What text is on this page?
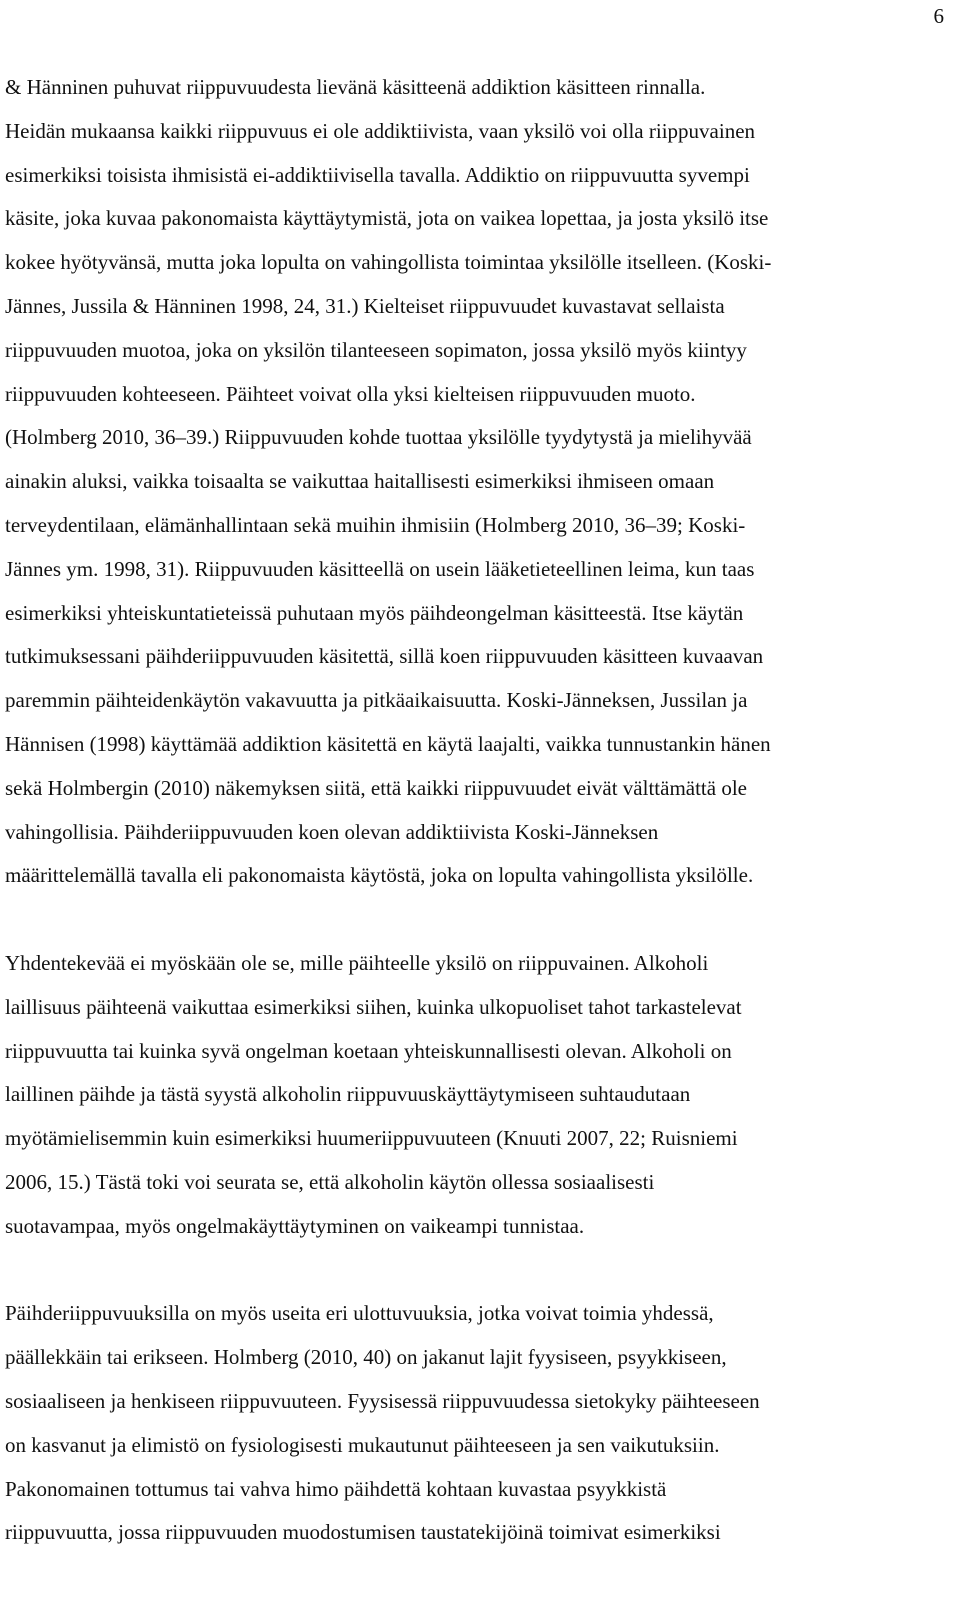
6
& Hänninen puhuvat riippuvuudesta lievänä käsitteenä addiktion käsitteen rinnalla.
Heidän mukaansa kaikki riippuvuus ei ole addiktiivista, vaan yksilö voi olla riippuvainen
esimerkiksi toisista ihmisistä ei-addiktiivisella tavalla. Addiktio on riippuvuutta syvempi
käsite, joka kuvaa pakonomaista käyttäytymistä, jota on vaikea lopettaa, ja josta yksilö itse
kokee hyötyvänsä, mutta joka lopulta on vahingollista toimintaa yksilölle itselleen. (Koski-
Jännes, Jussila & Hänninen 1998, 24, 31.) Kielteiset riippuvuudet kuvastavat sellaista
riippuvuuden muotoa, joka on yksilön tilanteeseen sopimaton, jossa yksilö myös kiintyy
riippuvuuden kohteeseen. Päihteet voivat olla yksi kielteisen riippuvuuden muoto.
(Holmberg 2010, 36–39.) Riippuvuuden kohde tuottaa yksilölle tyydytystä ja mielihyvää
ainakin aluksi, vaikka toisaalta se vaikuttaa haitallisesti esimerkiksi ihmiseen omaan
terveydentilaan, elämänhallintaan sekä muihin ihmisiin (Holmberg 2010, 36–39; Koski-
Jännes ym. 1998, 31). Riippuvuuden käsitteellä on usein lääketieteellinen leima, kun taas
esimerkiksi yhteiskuntatieteissä puhutaan myös päihdeongelman käsitteestä. Itse käytän
tutkimuksessani päihderiippuvuuden käsitettä, sillä koen riippuvuuden käsitteen kuvaavan
paremmin päihteidenkäytön vakavuutta ja pitkäaikaisuutta. Koski-Jänneksen, Jussilan ja
Hännisen (1998) käyttämää addiktion käsitettä en käytä laajalti, vaikka tunnustankin hänen
sekä Holmbergin (2010) näkemyksen siitä, että kaikki riippuvuudet eivät välttämättä ole
vahingollisia. Päihderiippuvuuden koen olevan addiktiivista Koski-Jänneksen
määrittelemällä tavalla eli pakonomaista käytöstä, joka on lopulta vahingollista yksilölle.
Yhdentekevää ei myöskään ole se, mille päihteelle yksilö on riippuvainen. Alkoholi
laillisuus päihteenä vaikuttaa esimerkiksi siihen, kuinka ulkopuoliset tahot tarkastelevat
riippuvuutta tai kuinka syvä ongelman koetaan yhteiskunnallisesti olevan. Alkoholi on
laillinen päihde ja tästä syystä alkoholin riippuvuuskäyttäytymiseen suhtaudutaan
myötämielisemmin kuin esimerkiksi huumeriippuvuuteen (Knuuti 2007, 22; Ruisniemi
2006, 15.) Tästä toki voi seurata se, että alkoholin käytön ollessa sosiaalisesti
suotavampaa, myös ongelmakäyttäytyminen on vaikeampi tunnistaa.
Päihderiippuvuuksilla on myös useita eri ulottuvuuksia, jotka voivat toimia yhdessä,
päällekkäin tai erikseen. Holmberg (2010, 40) on jakanut lajit fyysiseen, psyykkiseen,
sosiaaliseen ja henkiseen riippuvuuteen. Fyysisessä riippuvuudessa sietokyky päihteeseen
on kasvanut ja elimistö on fysiologisesti mukautunut päihteeseen ja sen vaikutuksiin.
Pakonomainen tottumus tai vahva himo päihdettä kohtaan kuvastaa psyykkistä
riippuvuutta, jossa riippuvuuden muodostumisen taustatekijöinä toimivat esimerkiksi
